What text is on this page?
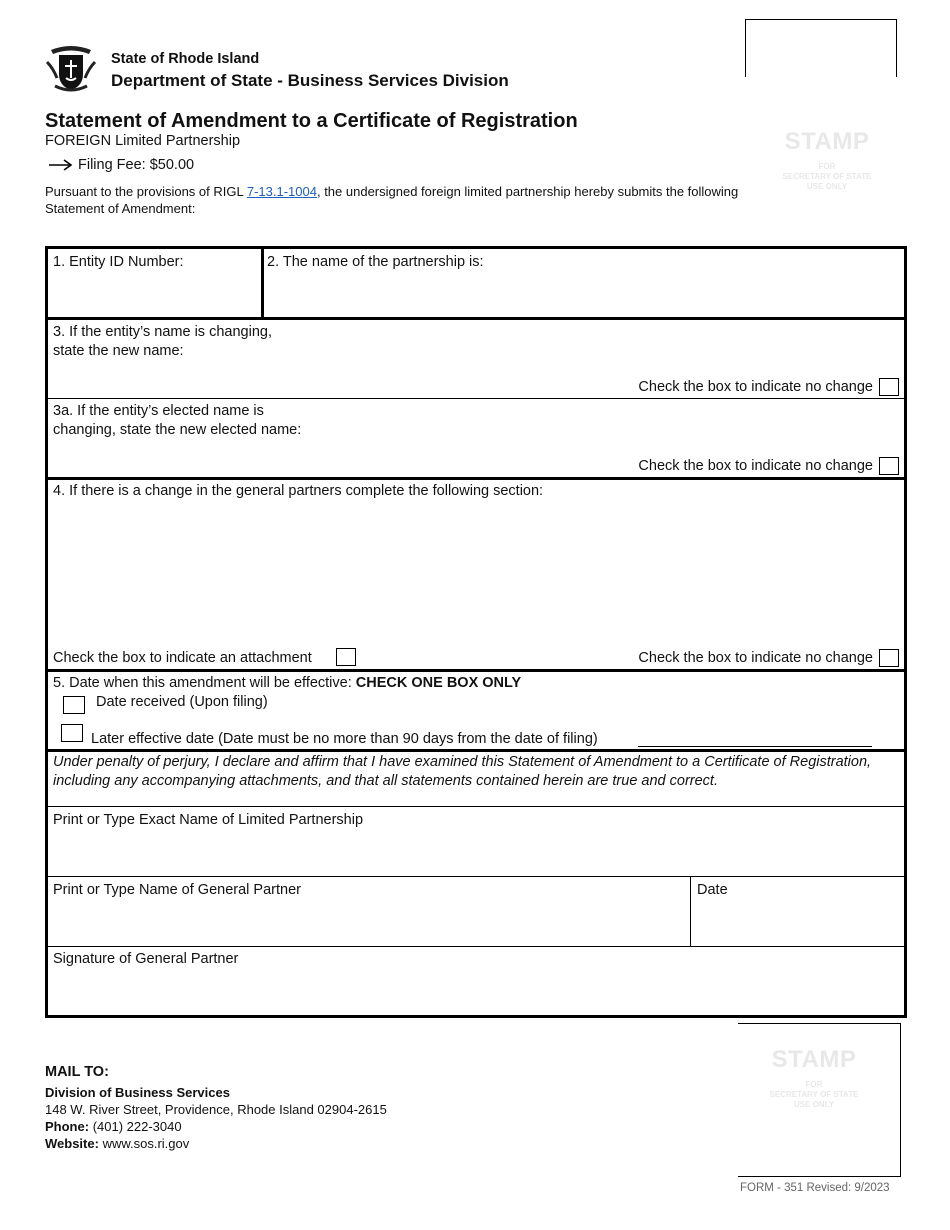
State of Rhode Island
Department of State - Business Services Division
Statement of Amendment to a Certificate of Registration
FOREIGN Limited Partnership
Filing Fee: $50.00
Pursuant to the provisions of RIGL 7-13.1-1004, the undersigned foreign limited partnership hereby submits the following Statement of Amendment:
STAMP
FOR
SECRETARY OF STATE
USE ONLY
1. Entity ID Number:	2. The name of the partnership is:
3. If the entity’s name is changing,
state the new name:
Check the box to indicate no change
3a. If the entity’s elected name is
changing, state the new elected name:
Check the box to indicate no change
4. If there is a change in the general partners complete the following section:
Check the box to indicate an attachment	Check the box to indicate no change
5. Date when this amendment will be effective: CHECK ONE BOX ONLY
Date received (Upon filing)
Later effective date (Date must be no more than 90 days from the date of filing)
Under penalty of perjury, I declare and affirm that I have examined this Statement of Amendment to a Certificate of Registration, including any accompanying attachments, and that all statements contained herein are true and correct.
Print or Type Exact Name of Limited Partnership
Print or Type Name of General Partner	Date
Signature of General Partner
MAIL TO:
Division of Business Services
148 W. River Street, Providence, Rhode Island 02904-2615
Phone: (401) 222-3040
Website: www.sos.ri.gov
STAMP
FOR
SECRETARY OF STATE
USE ONLY
FORM - 351 Revised: 9/2023
